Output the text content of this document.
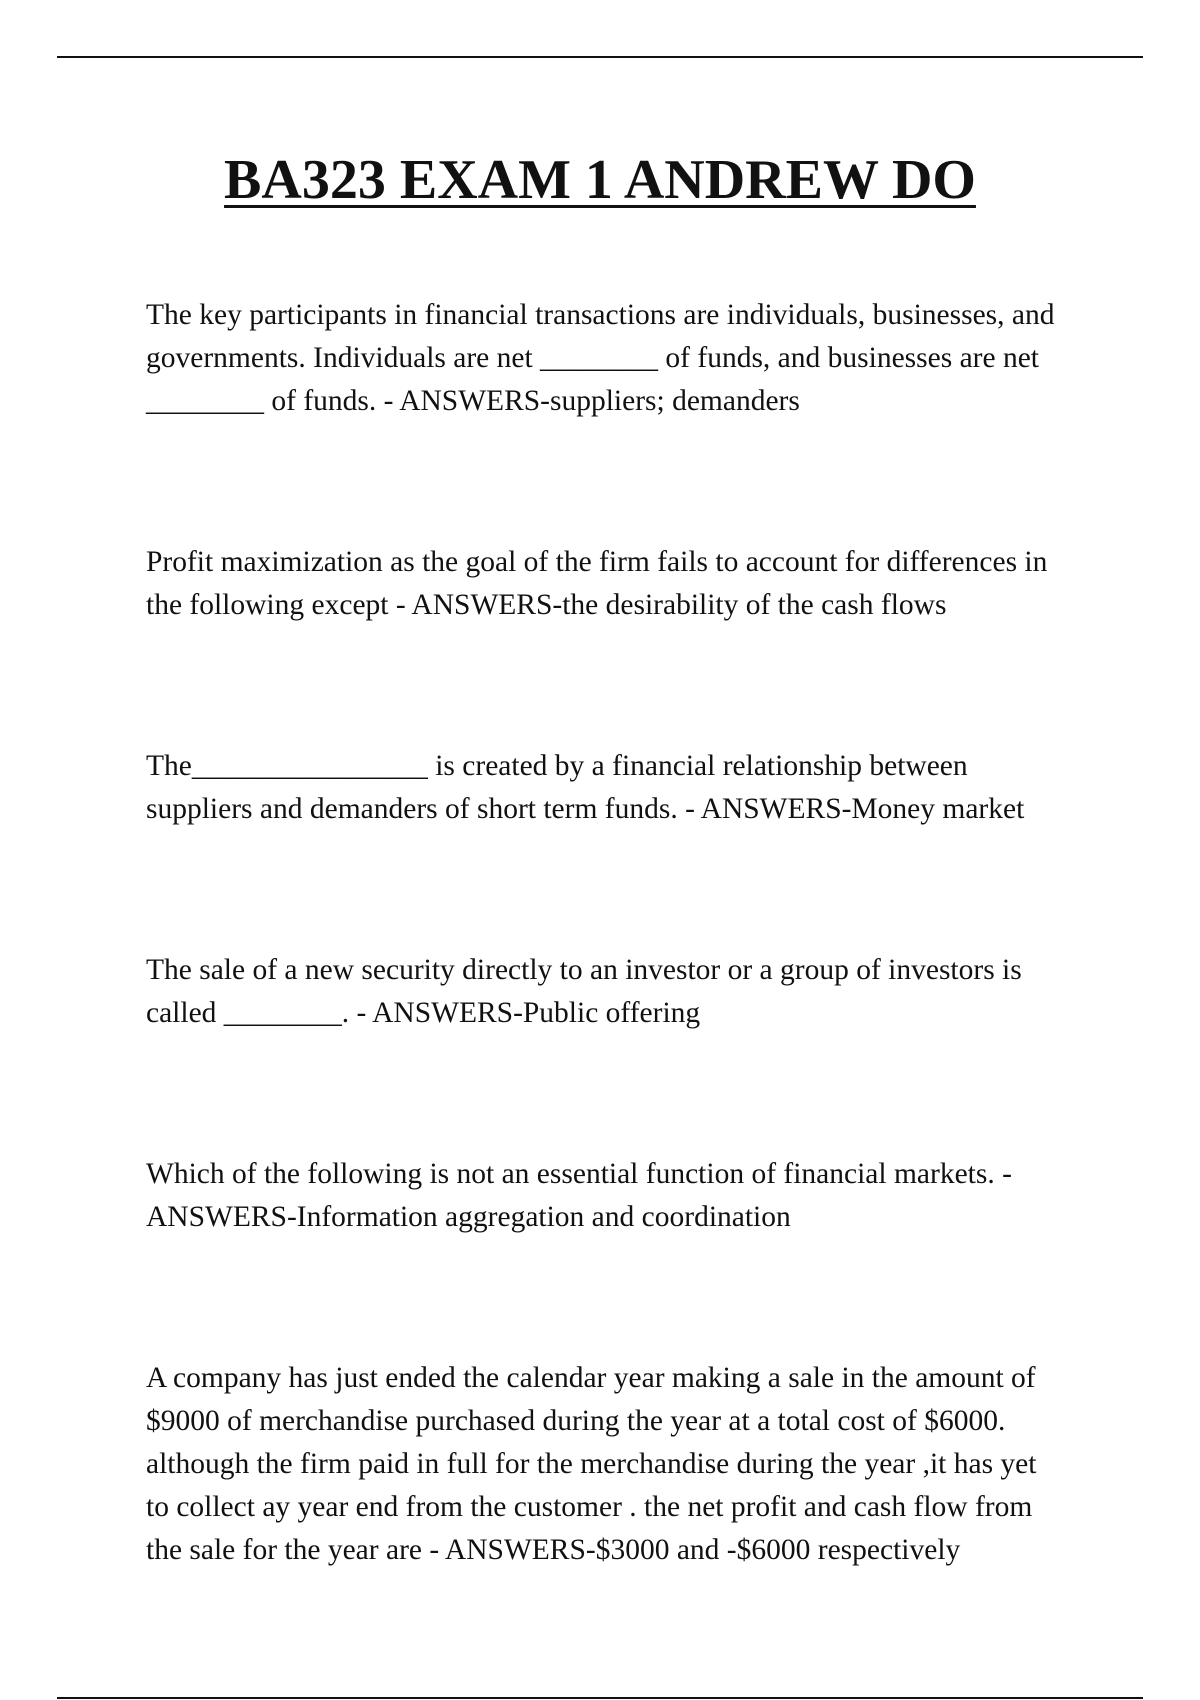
BA323 EXAM 1 ANDREW DO
The key participants in financial transactions are individuals, businesses, and governments. Individuals are net ________ of funds, and businesses are net ________ of funds. - ANSWERS-suppliers; demanders
Profit maximization as the goal of the firm fails to account for differences in the following except - ANSWERS-the desirability of the cash flows
The________________ is created by a financial relationship between suppliers and demanders of short term funds. - ANSWERS-Money market
The sale of a new security directly to an investor or a group of investors is called ________. - ANSWERS-Public offering
Which of the following is not an essential function of financial markets. - ANSWERS-Information aggregation and coordination
A company has just ended the calendar year making a sale in the amount of $9000 of merchandise purchased during the year at a total cost of $6000. although the firm paid in full for the merchandise during the year ,it has yet to collect ay year end from the customer . the net profit and cash flow from the sale for the year are - ANSWERS-$3000 and -$6000 respectively
